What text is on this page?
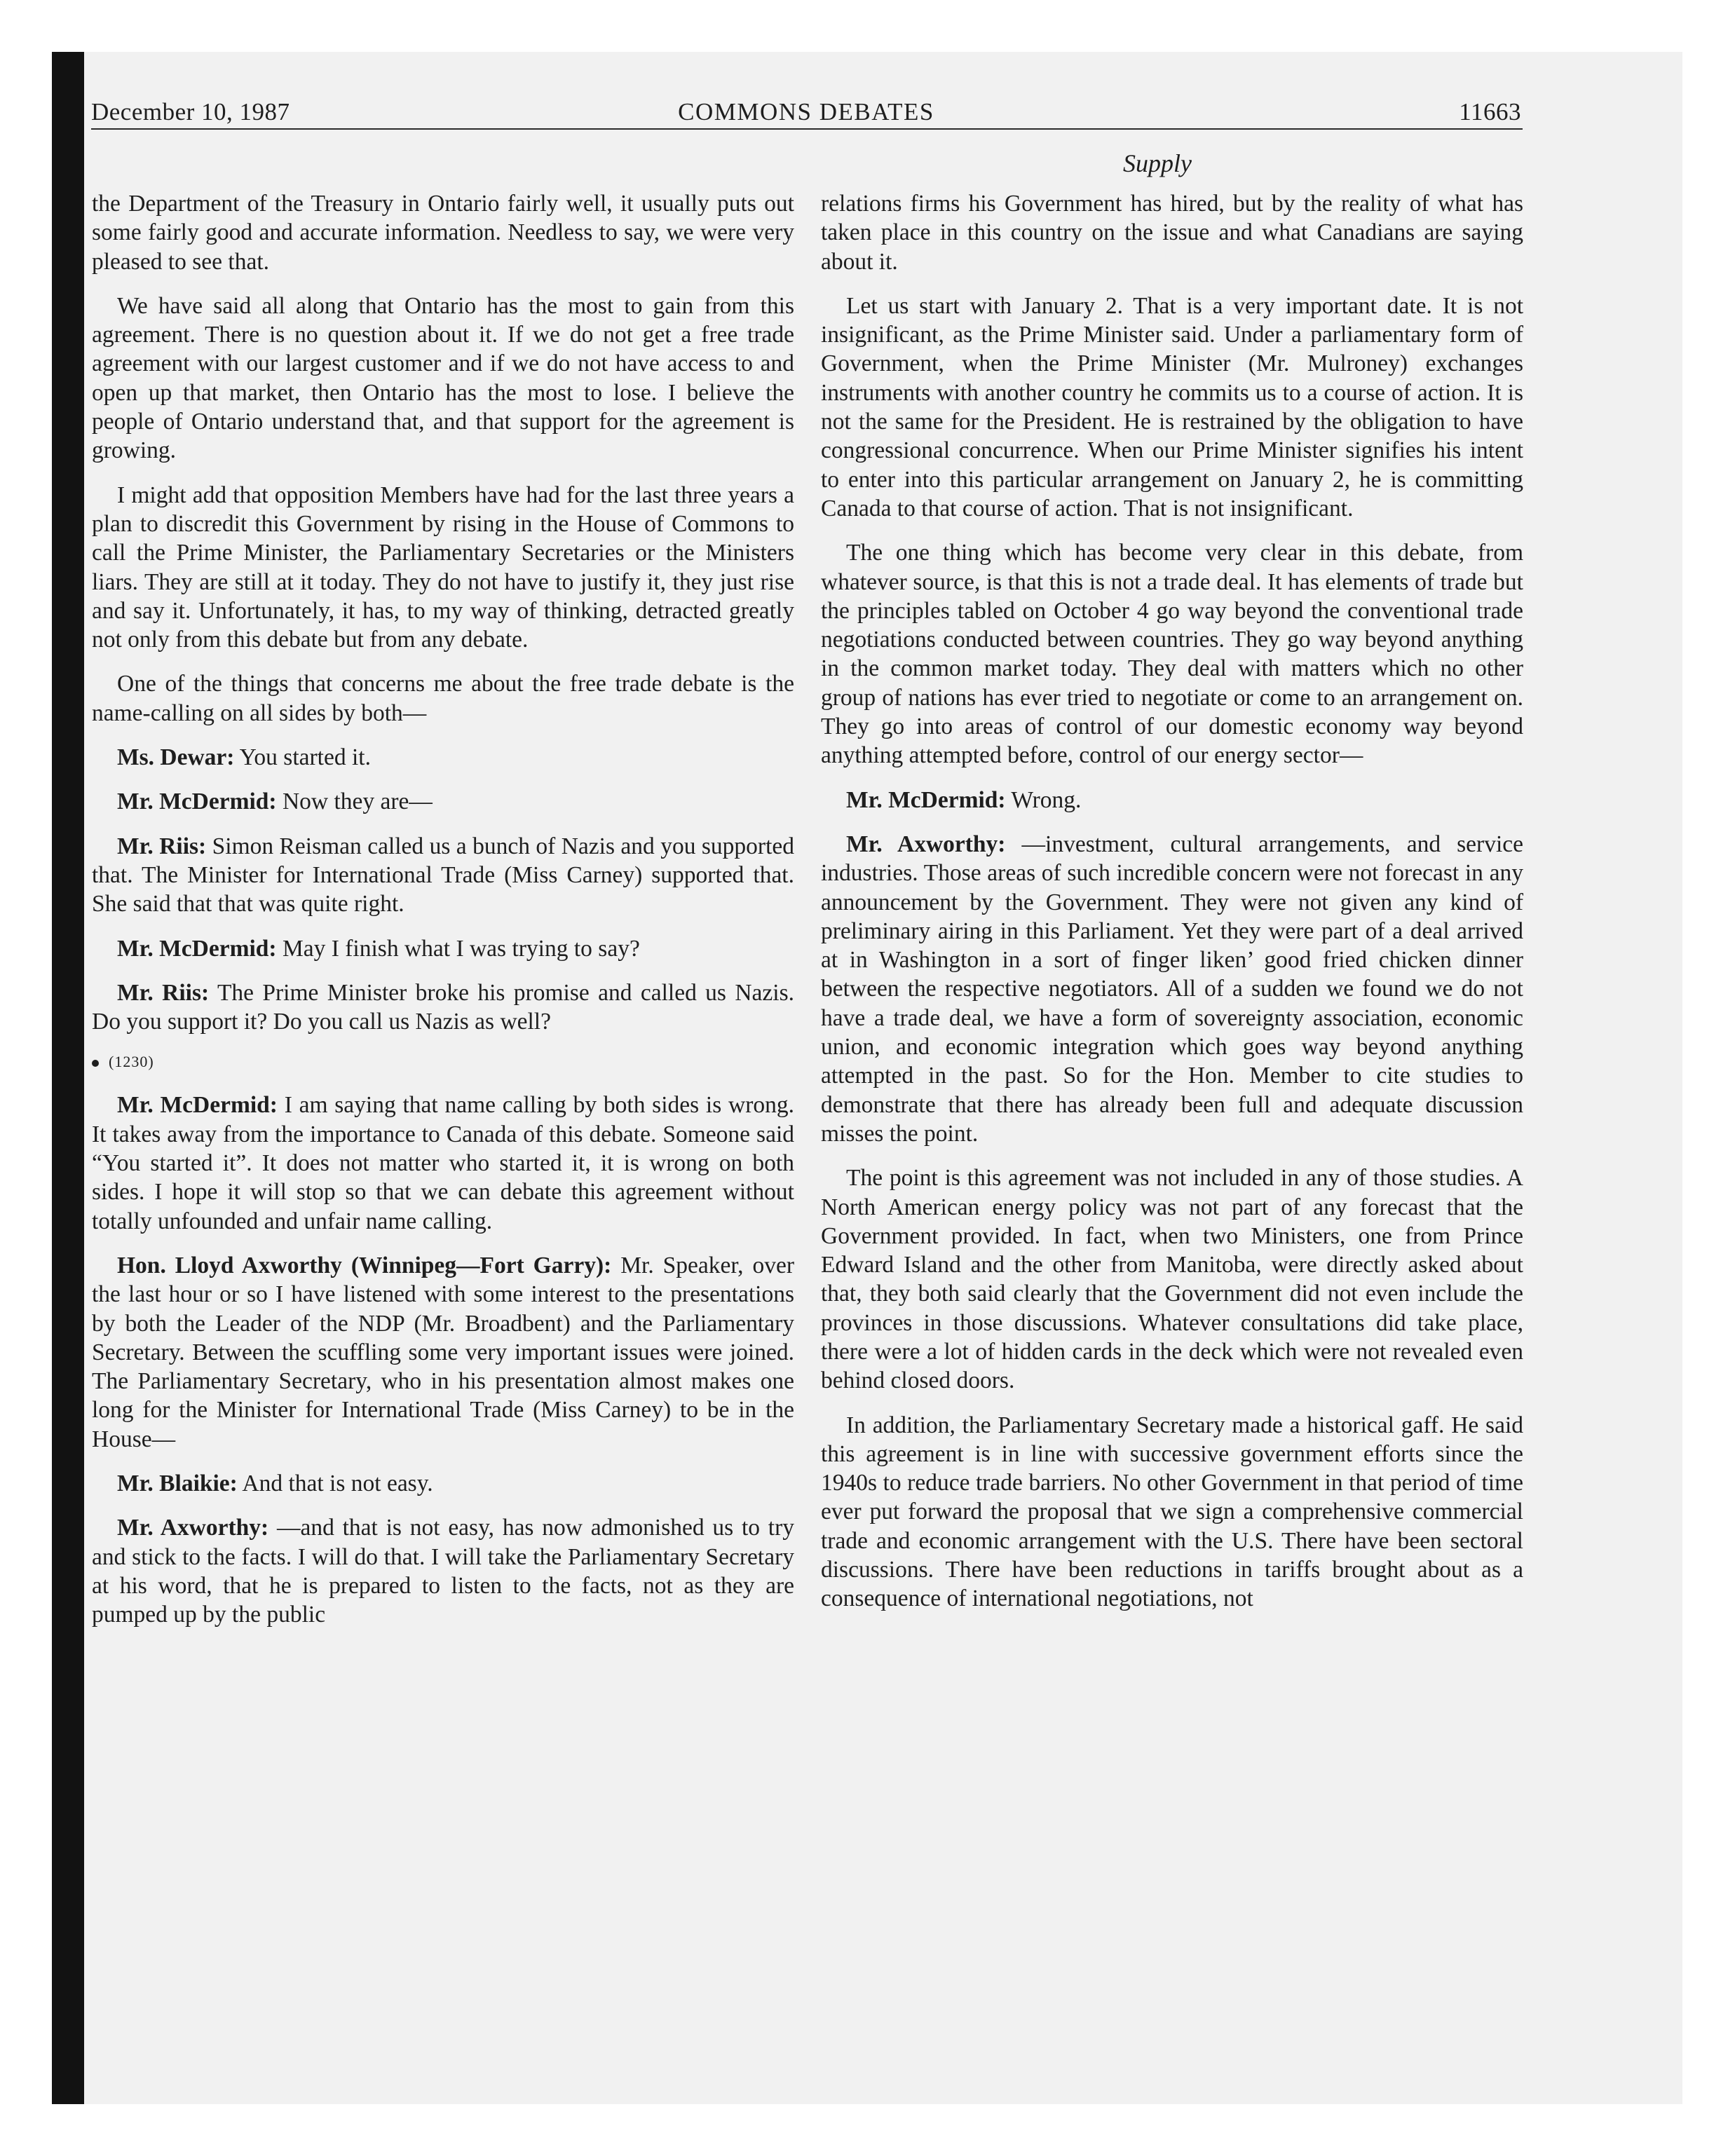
December 10, 1987	COMMONS DEBATES	11663
Supply

the Department of the Treasury in Ontario fairly well, it usually puts out some fairly good and accurate information. Needless to say, we were very pleased to see that.

We have said all along that Ontario has the most to gain from this agreement. There is no question about it. If we do not get a free trade agreement with our largest customer and if we do not have access to and open up that market, then Ontario has the most to lose. I believe the people of Ontario understand that, and that support for the agreement is growing.

I might add that opposition Members have had for the last three years a plan to discredit this Government by rising in the House of Commons to call the Prime Minister, the Parliamentary Secretaries or the Ministers liars. They are still at it today. They do not have to justify it, they just rise and say it. Unfortunately, it has, to my way of thinking, detracted greatly not only from this debate but from any debate.

One of the things that concerns me about the free trade debate is the name-calling on all sides by both—

Ms. Dewar: You started it.

Mr. McDermid: Now they are—

Mr. Riis: Simon Reisman called us a bunch of Nazis and you supported that. The Minister for International Trade (Miss Carney) supported that. She said that that was quite right.

Mr. McDermid: May I finish what I was trying to say?

Mr. Riis: The Prime Minister broke his promise and called us Nazis. Do you support it? Do you call us Nazis as well?

(1230)

Mr. McDermid: I am saying that name calling by both sides is wrong. It takes away from the importance to Canada of this debate. Someone said “You started it”. It does not matter who started it, it is wrong on both sides. I hope it will stop so that we can debate this agreement without totally unfounded and unfair name calling.

Hon. Lloyd Axworthy (Winnipeg—Fort Garry): Mr. Speaker, over the last hour or so I have listened with some interest to the presentations by both the Leader of the NDP (Mr. Broadbent) and the Parliamentary Secretary. Between the scuffling some very important issues were joined. The Parliamentary Secretary, who in his presentation almost makes one long for the Minister for International Trade (Miss Carney) to be in the House—

Mr. Blaikie: And that is not easy.

Mr. Axworthy: —and that is not easy, has now admonished us to try and stick to the facts. I will do that. I will take the Parliamentary Secretary at his word, that he is prepared to listen to the facts, not as they are pumped up by the public

relations firms his Government has hired, but by the reality of what has taken place in this country on the issue and what Canadians are saying about it.

Let us start with January 2. That is a very important date. It is not insignificant, as the Prime Minister said. Under a parliamentary form of Government, when the Prime Minister (Mr. Mulroney) exchanges instruments with another country he commits us to a course of action. It is not the same for the President. He is restrained by the obligation to have congressional concurrence. When our Prime Minister signifies his intent to enter into this particular arrangement on January 2, he is committing Canada to that course of action. That is not insignificant.

The one thing which has become very clear in this debate, from whatever source, is that this is not a trade deal. It has elements of trade but the principles tabled on October 4 go way beyond the conventional trade negotiations conducted between countries. They go way beyond anything in the common market today. They deal with matters which no other group of nations has ever tried to negotiate or come to an arrangement on. They go into areas of control of our domestic economy way beyond anything attempted before, control of our energy sector—

Mr. McDermid: Wrong.

Mr. Axworthy: —investment, cultural arrangements, and service industries. Those areas of such incredible concern were not forecast in any announcement by the Government. They were not given any kind of preliminary airing in this Parliament. Yet they were part of a deal arrived at in Washington in a sort of finger liken’ good fried chicken dinner between the respective negotiators. All of a sudden we found we do not have a trade deal, we have a form of sovereignty association, economic union, and economic integration which goes way beyond anything attempted in the past. So for the Hon. Member to cite studies to demonstrate that there has already been full and adequate discussion misses the point.

The point is this agreement was not included in any of those studies. A North American energy policy was not part of any forecast that the Government provided. In fact, when two Ministers, one from Prince Edward Island and the other from Manitoba, were directly asked about that, they both said clearly that the Government did not even include the provinces in those discussions. Whatever consultations did take place, there were a lot of hidden cards in the deck which were not revealed even behind closed doors.

In addition, the Parliamentary Secretary made a historical gaff. He said this agreement is in line with successive government efforts since the 1940s to reduce trade barriers. No other Government in that period of time ever put forward the proposal that we sign a comprehensive commercial trade and economic arrangement with the U.S. There have been sectoral discussions. There have been reductions in tariffs brought about as a consequence of international negotiations, not
